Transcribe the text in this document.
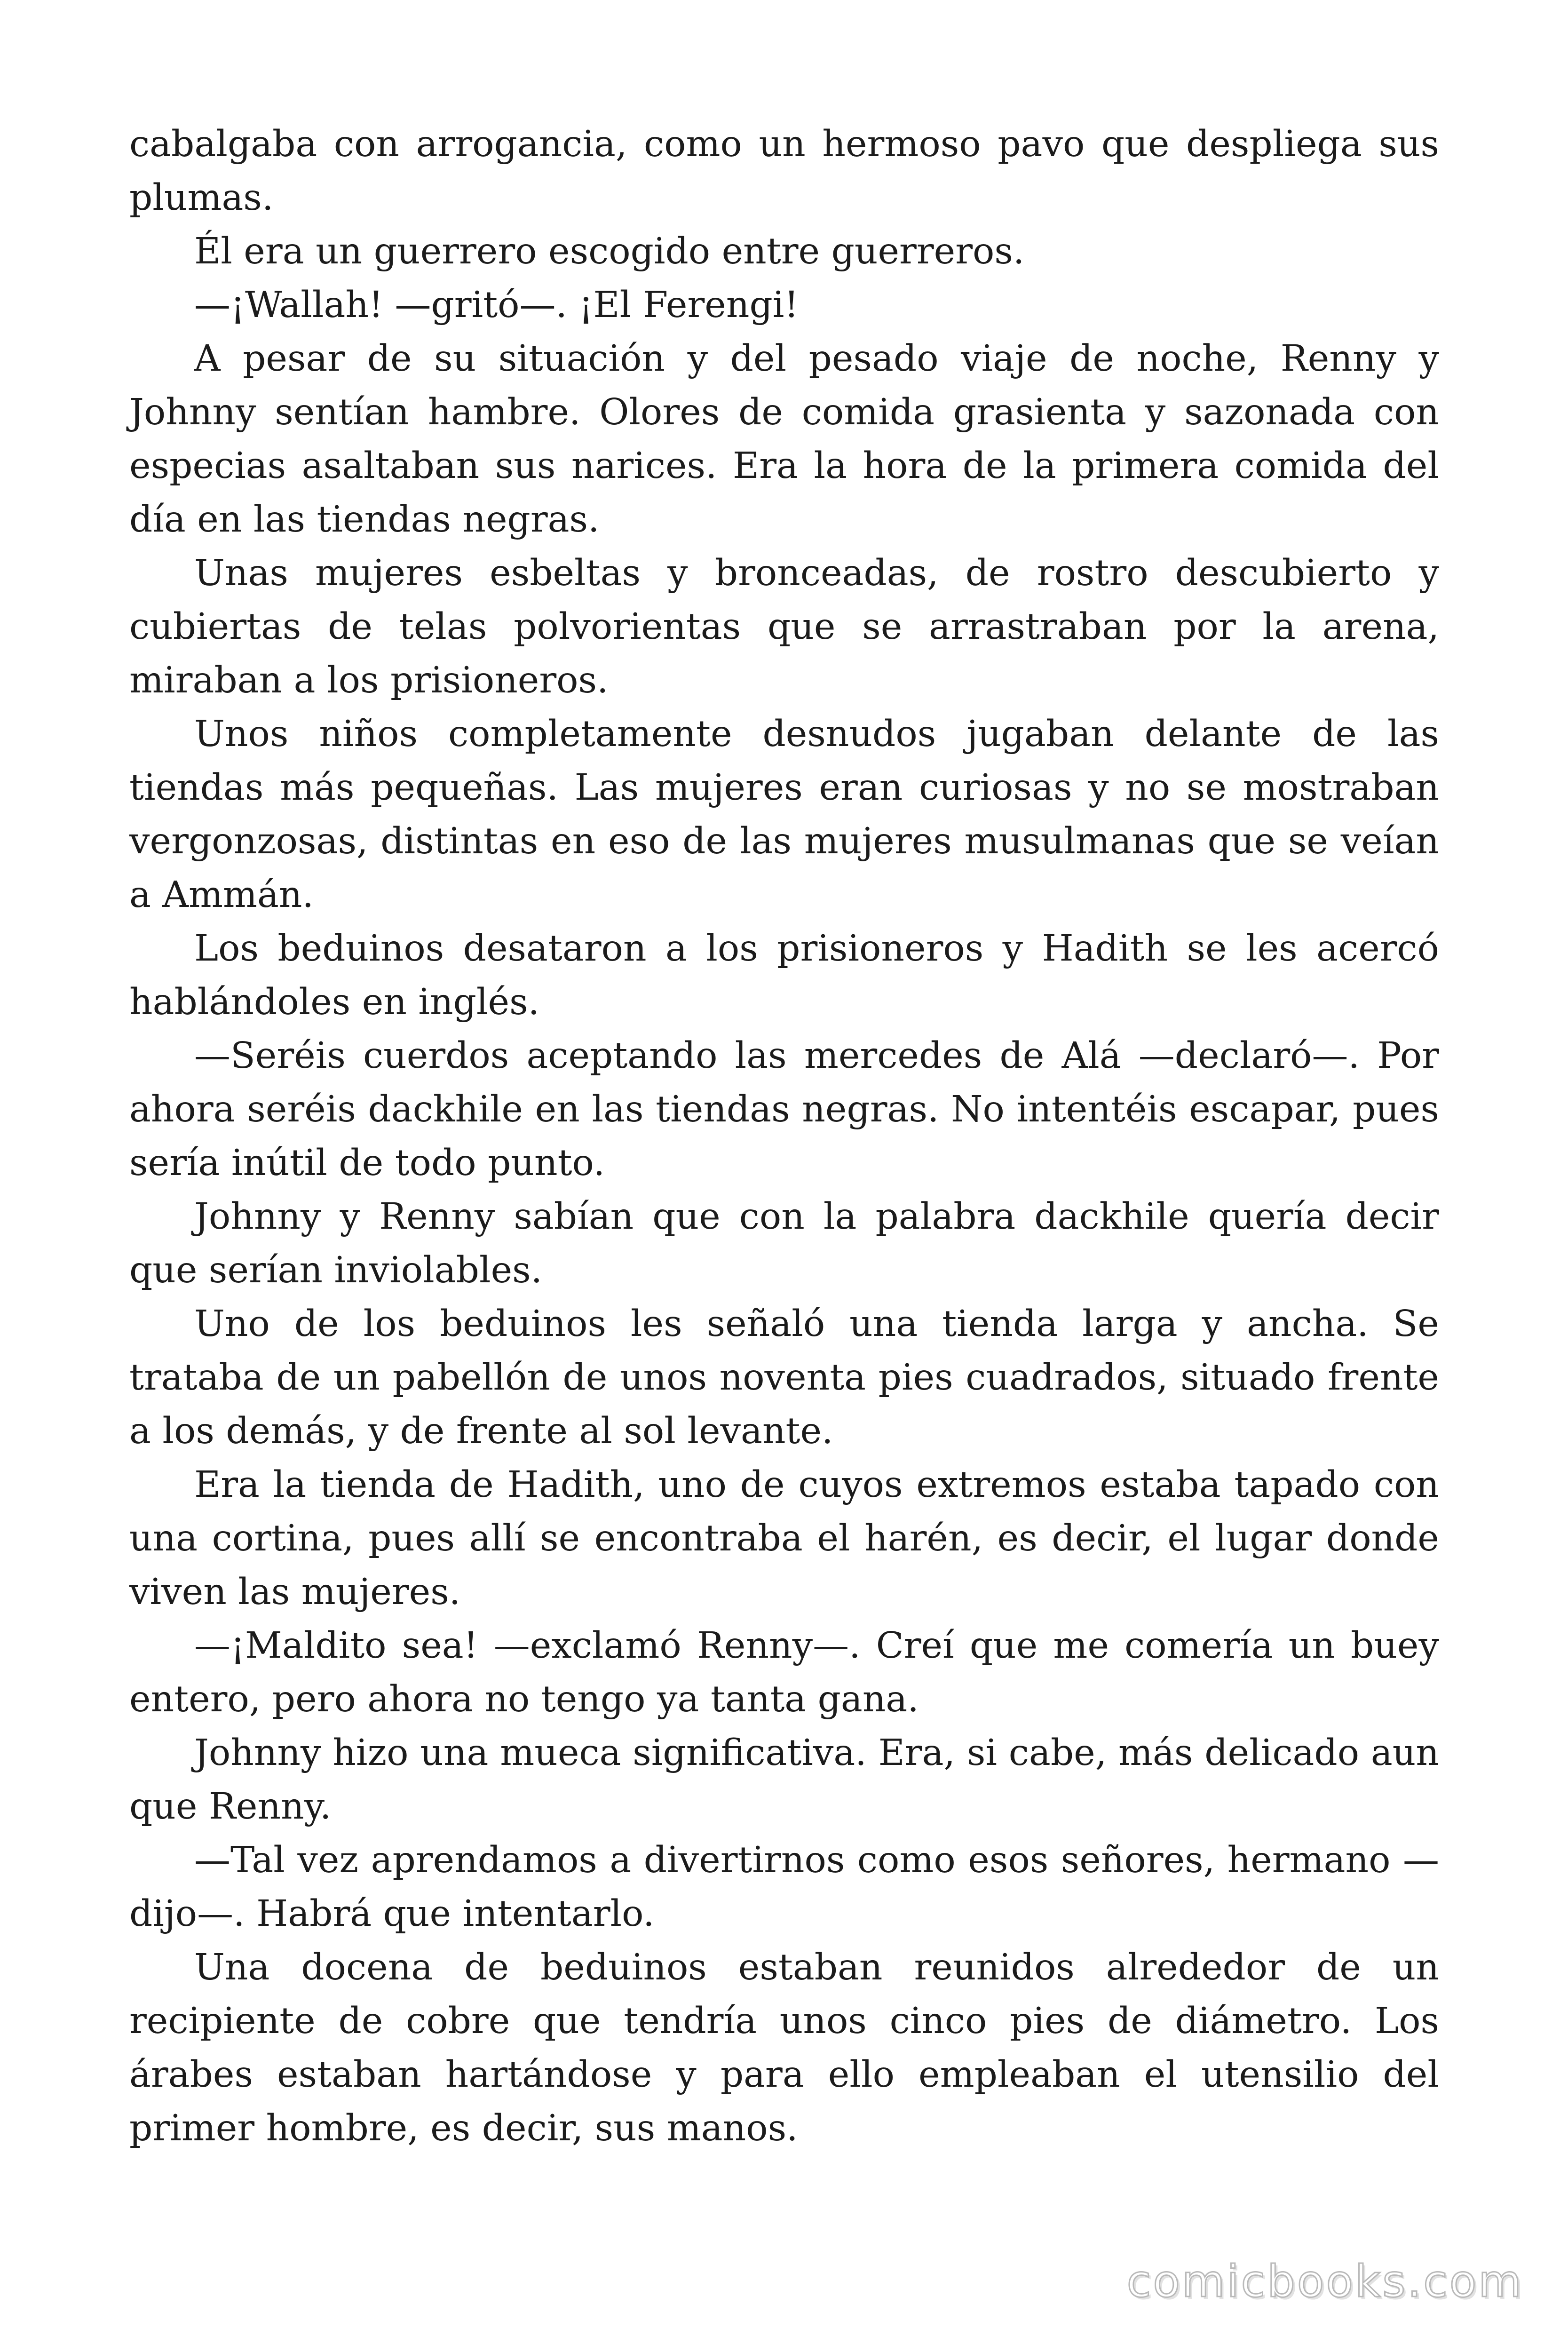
cabalgaba con arrogancia, como un hermoso pavo que despliega sus plumas.

Él era un guerrero escogido entre guerreros.

—¡Wallah! —gritó—. ¡El Ferengi!

A pesar de su situación y del pesado viaje de noche, Renny y Johnny sentían hambre. Olores de comida grasienta y sazonada con especias asaltaban sus narices. Era la hora de la primera comida del día en las tiendas negras.

Unas mujeres esbeltas y bronceadas, de rostro descubierto y cubiertas de telas polvorientas que se arrastraban por la arena, miraban a los prisioneros.

Unos niños completamente desnudos jugaban delante de las tiendas más pequeñas. Las mujeres eran curiosas y no se mostraban vergonzosas, distintas en eso de las mujeres musulmanas que se veían a Ammán.

Los beduinos desataron a los prisioneros y Hadith se les acercó hablándoles en inglés.

—Seréis cuerdos aceptando las mercedes de Alá —declaró—. Por ahora seréis dackhile en las tiendas negras. No intentéis escapar, pues sería inútil de todo punto.

Johnny y Renny sabían que con la palabra dackhile quería decir que serían inviolables.

Uno de los beduinos les señaló una tienda larga y ancha. Se trataba de un pabellón de unos noventa pies cuadrados, situado frente a los demás, y de frente al sol levante.

Era la tienda de Hadith, uno de cuyos extremos estaba tapado con una cortina, pues allí se encontraba el harén, es decir, el lugar donde viven las mujeres.

—¡Maldito sea! —exclamó Renny—. Creí que me comería un buey entero, pero ahora no tengo ya tanta gana.

Johnny hizo una mueca significativa. Era, si cabe, más delicado aun que Renny.

—Tal vez aprendamos a divertirnos como esos señores, hermano —dijo—. Habrá que intentarlo.

Una docena de beduinos estaban reunidos alrededor de un recipiente de cobre que tendría unos cinco pies de diámetro. Los árabes estaban hartándose y para ello empleaban el utensilio del primer hombre, es decir, sus manos.

comicbooks.com
